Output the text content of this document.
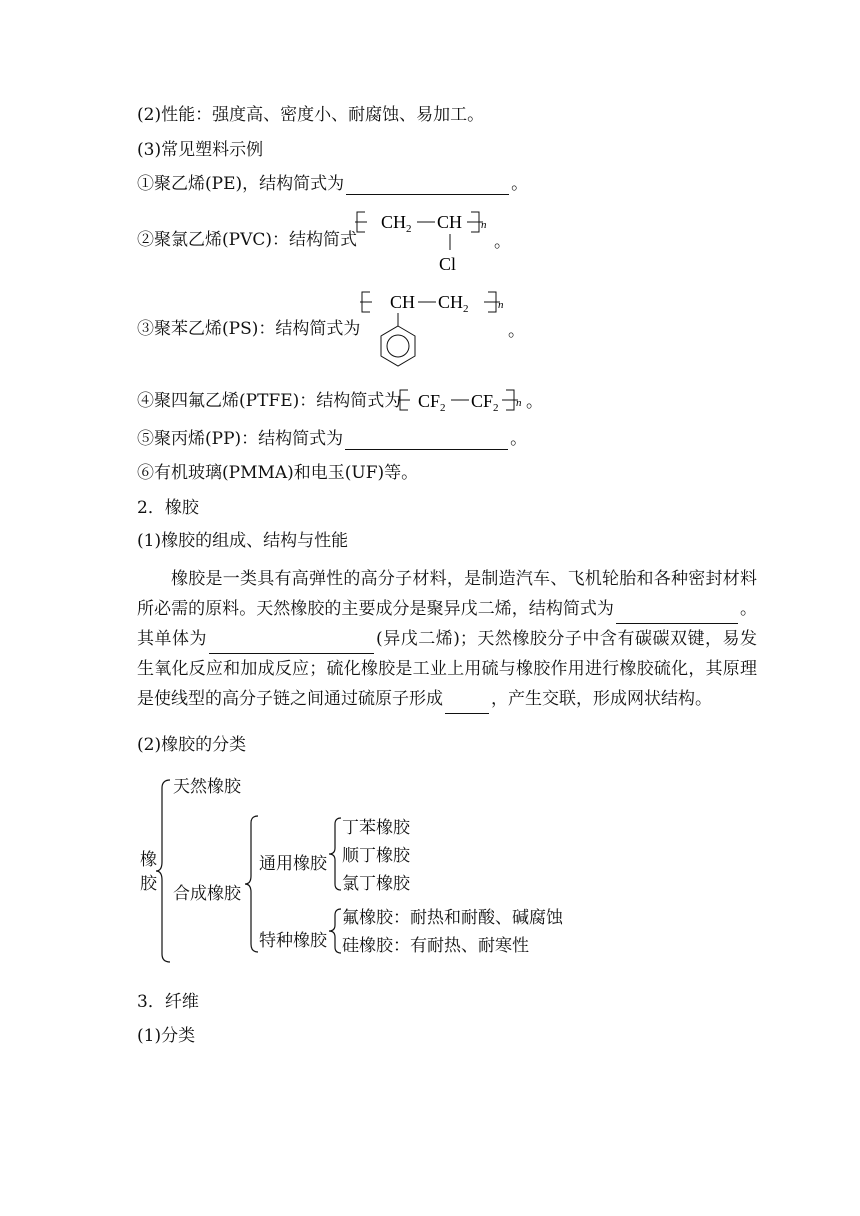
(2)性能：强度高、密度小、耐腐蚀、易加工。
(3)常见塑料示例
①聚乙烯(PE)，结构简式为	。
②聚氯乙烯(PVC)：结构简式
$CH_2$ CH n
Cl
。
③聚苯乙烯(PS)：结构简式为
CH $CH_2$	n
。
④聚四氟乙烯(PTFE)：结构简式为 $CF_2$ $CF_2$ n 。
⑤聚丙烯(PP)：结构简式为	。
⑥有机玻璃(PMMA)和电玉(UF)等。
2．橡胶
(1)橡胶的组成、结构与性能
橡胶是一类具有高弹性的高分子材料，是制造汽车、飞机轮胎和各种密封材料所必需的原料。天然橡胶的主要成分是聚异戊二烯，结构简式为	。其单体为	(异戊二烯)；天然橡胶分子中含有碳碳双键，易发生氧化反应和加成反应；硫化橡胶是工业上用硫与橡胶作用进行橡胶硫化，其原理是使线型的高分子链之间通过硫原子形成	，产生交联，形成网状结构。
(2)橡胶的分类
橡
胶
天然橡胶
合成橡胶
通用橡胶
特种橡胶
丁苯橡胶
顺丁橡胶
氯丁橡胶
氟橡胶：耐热和耐酸、碱腐蚀
硅橡胶：有耐热、耐寒性
3．纤维
(1)分类
